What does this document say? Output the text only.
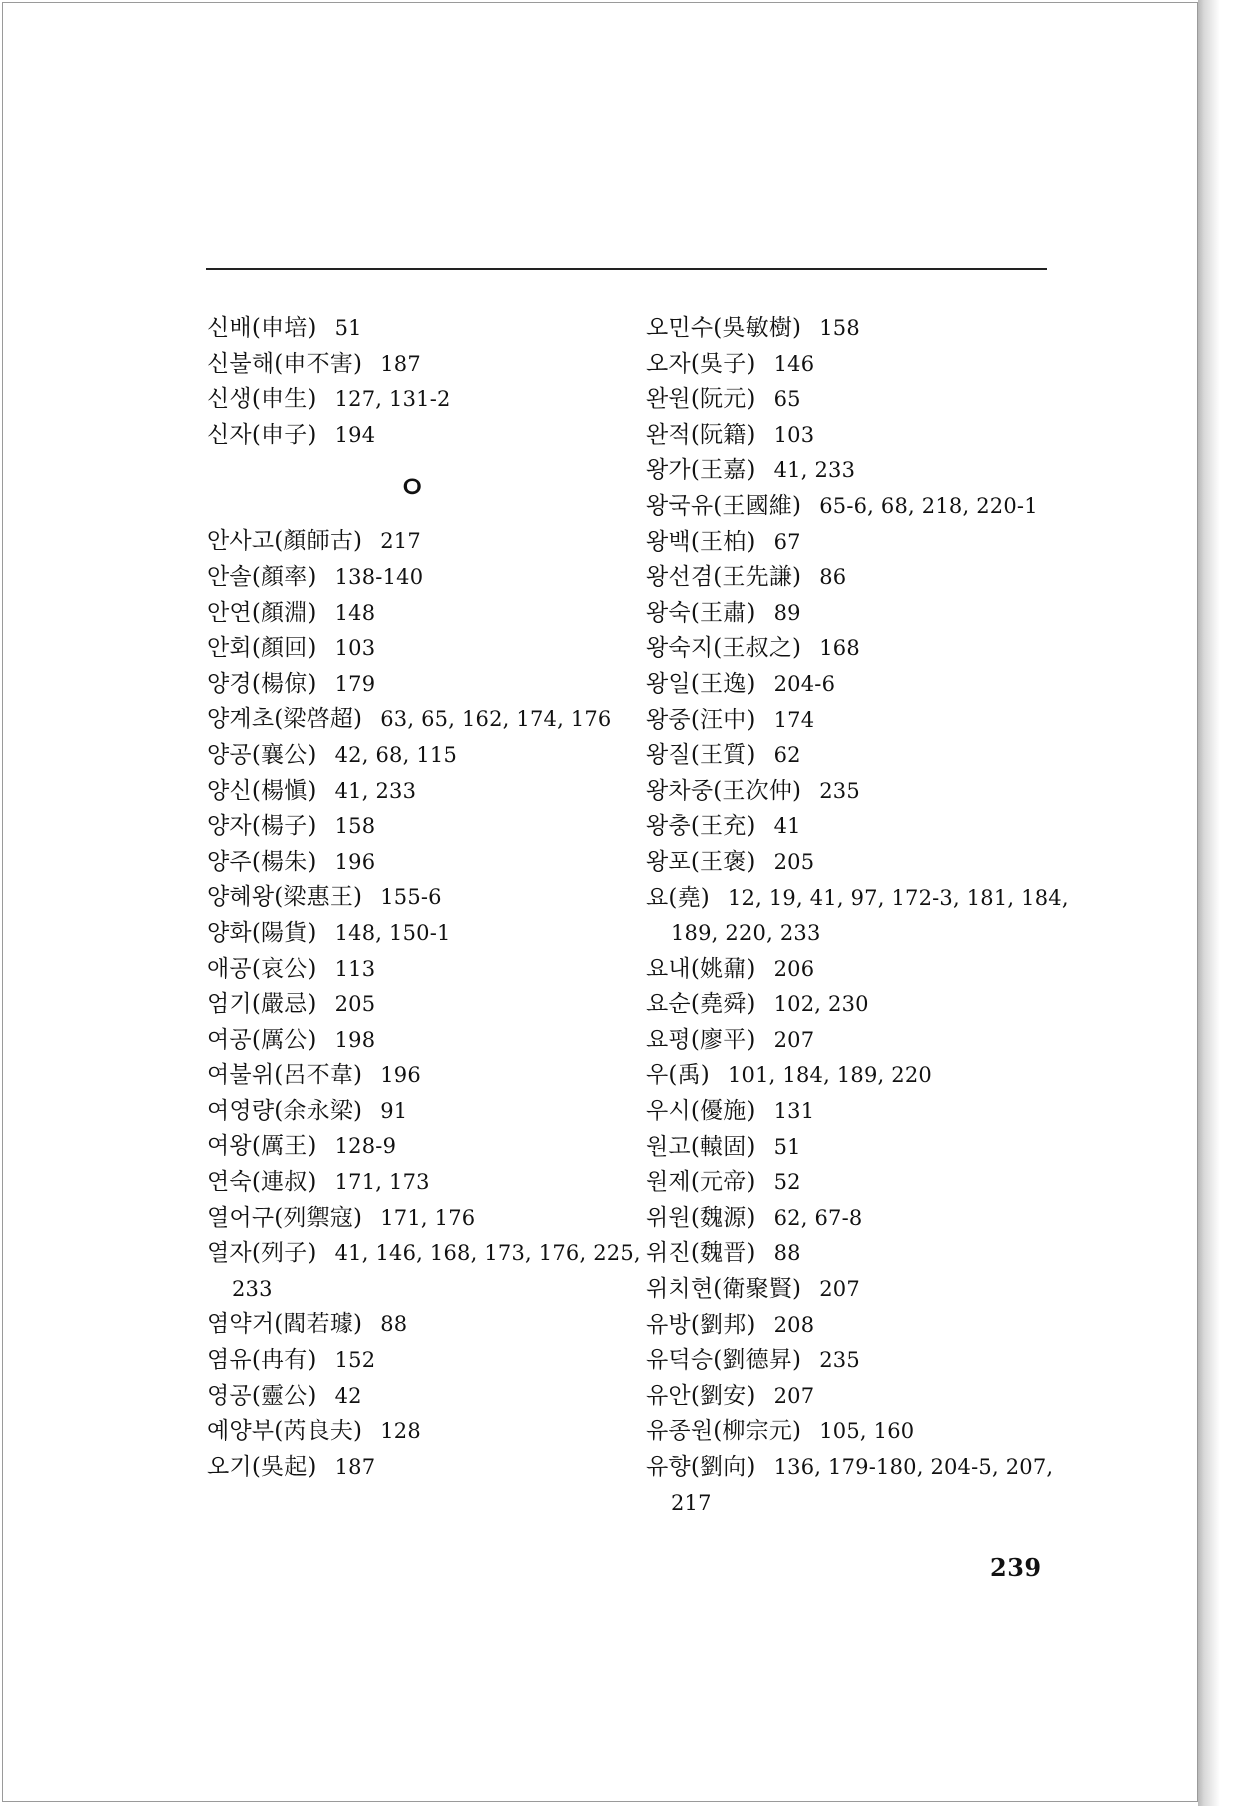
신배(申培) 51
신불해(申不害) 187
신생(申生) 127, 131-2
신자(申子) 194
ㅇ
안사고(顏師古) 217
안솔(顏率) 138-140
안연(顏淵) 148
안회(顏回) 103
양경(楊倞) 179
양계초(梁啓超) 63, 65, 162, 174, 176
양공(襄公) 42, 68, 115
양신(楊愼) 41, 233
양자(楊子) 158
양주(楊朱) 196
양혜왕(梁惠王) 155-6
양화(陽貨) 148, 150-1
애공(哀公) 113
엄기(嚴忌) 205
여공(厲公) 198
여불위(呂不韋) 196
여영량(余永梁) 91
여왕(厲王) 128-9
연숙(連叔) 171, 173
열어구(列禦寇) 171, 176
열자(列子) 41, 146, 168, 173, 176, 225,
233
염약거(閻若璩) 88
염유(冉有) 152
영공(靈公) 42
예양부(芮良夫) 128
오기(吳起) 187
오민수(吳敏樹) 158
오자(吳子) 146
완원(阮元) 65
완적(阮籍) 103
왕가(王嘉) 41, 233
왕국유(王國維) 65-6, 68, 218, 220-1
왕백(王柏) 67
왕선겸(王先謙) 86
왕숙(王肅) 89
왕숙지(王叔之) 168
왕일(王逸) 204-6
왕중(汪中) 174
왕질(王質) 62
왕차중(王次仲) 235
왕충(王充) 41
왕포(王褒) 205
요(堯) 12, 19, 41, 97, 172-3, 181, 184,
189, 220, 233
요내(姚鼐) 206
요순(堯舜) 102, 230
요평(廖平) 207
우(禹) 101, 184, 189, 220
우시(優施) 131
원고(轅固) 51
원제(元帝) 52
위원(魏源) 62, 67-8
위진(魏晋) 88
위치현(衛聚賢) 207
유방(劉邦) 208
유덕승(劉德昇) 235
유안(劉安) 207
유종원(柳宗元) 105, 160
유향(劉向) 136, 179-180, 204-5, 207,
217
239
